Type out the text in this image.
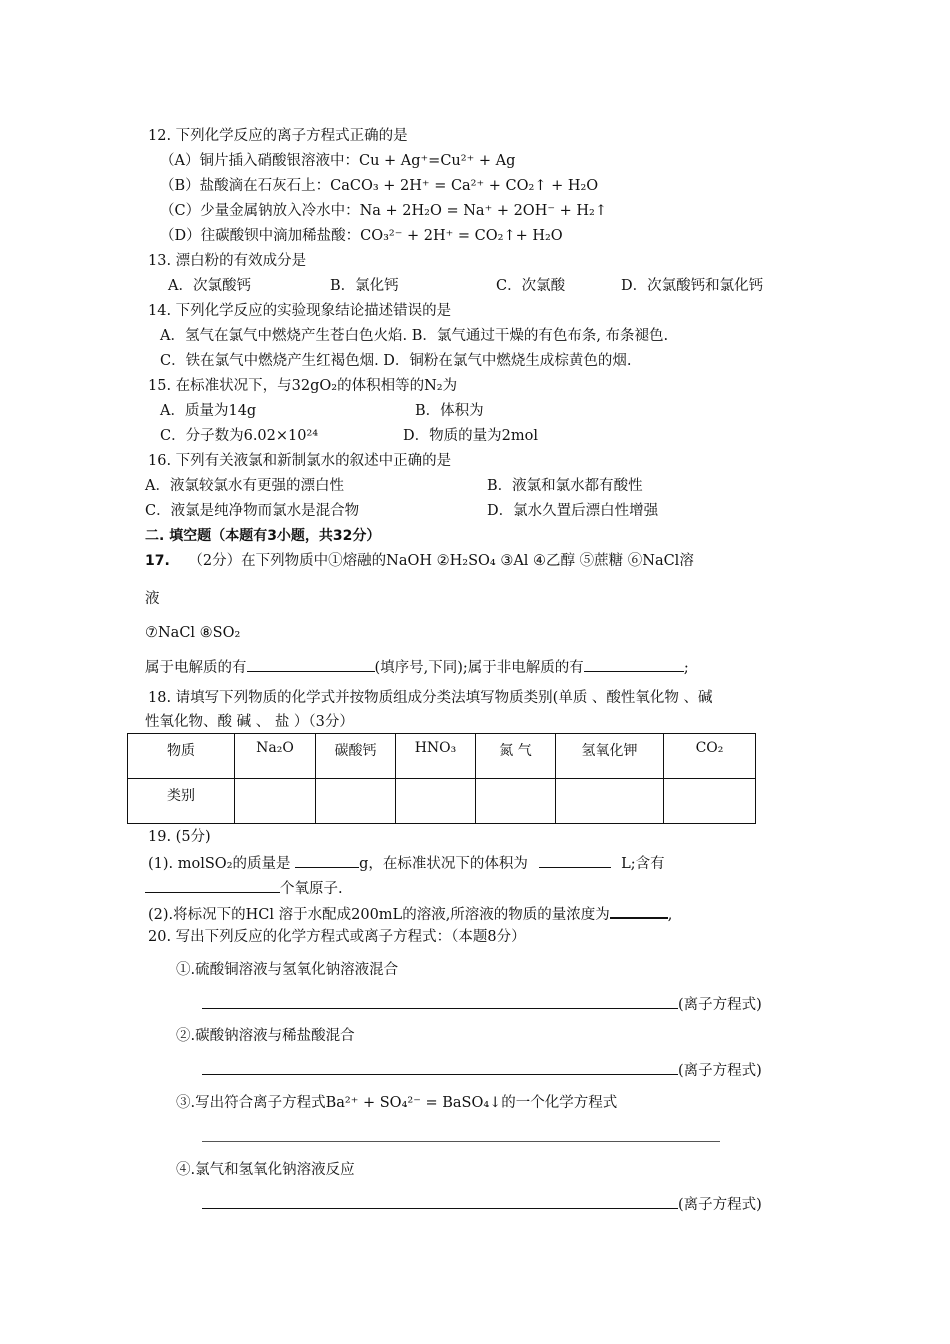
12. 下列化学反应的离子方程式正确的是
（A）铜片插入硝酸银溶液中：Cu + Ag⁺=Cu²⁺ + Ag
（B）盐酸滴在石灰石上：CaCO₃ + 2H⁺ = Ca²⁺ + CO₂↑ + H₂O
（C）少量金属钠放入冷水中：Na + 2H₂O = Na⁺ + 2OH⁻ + H₂↑
（D）往碳酸钡中滴加稀盐酸：CO₃²⁻ + 2H⁺ = CO₂↑+ H₂O
13. 漂白粉的有效成分是
A．次氯酸钙	B．氯化钙	C．次氯酸	D．次氯酸钙和氯化钙
14. 下列化学反应的实验现象结论描述错误的是
A．氢气在氯气中燃烧产生苍白色火焰. B．氯气通过干燥的有色布条, 布条褪色.
C．铁在氯气中燃烧产生红褐色烟. D．铜粉在氯气中燃烧生成棕黄色的烟.
15. 在标准状况下，与32gO₂的体积相等的N₂为
A．质量为14g	B．体积为
C．分子数为6.02×10²⁴	D．物质的量为2mol
16. 下列有关液氯和新制氯水的叙述中正确的是
A．液氯较氯水有更强的漂白性	B．液氯和氯水都有酸性
C．液氯是纯净物而氯水是混合物	D．氯水久置后漂白性增强
二. 填空题（本题有3小题，共32分）
17. （2分）在下列物质中①熔融的NaOH ②H₂SO₄ ③Al ④乙醇 ⑤蔗糖 ⑥NaCl溶
液
⑦NaCl ⑧SO₂
属于电解质的有	(填序号,下同);属于非电解质的有	;
18. 请填写下列物质的化学式并按物质组成分类法填写物质类别(单质 、酸性氧化物 、碱
性氧化物、酸 碱 、 盐 ）（3分）
物质	Na₂O	碳酸钙	HNO₃	氮 气	氢氧化钾	CO₂
类别						
19. (5分)
(1). molSO₂的质量是	g，在标准状况下的体积为	L;含有
个氧原子.
(2).将标况下的HCl 溶于水配成200mL的溶液,所溶液的物质的量浓度为	,
20. 写出下列反应的化学方程式或离子方程式：（本题8分）
①.硫酸铜溶液与氢氧化钠溶液混合
(离子方程式)
②.碳酸钠溶液与稀盐酸混合
(离子方程式)
③.写出符合离子方程式Ba²⁺ + SO₄²⁻ = BaSO₄↓的一个化学方程式
④.氯气和氢氧化钠溶液反应
(离子方程式)
